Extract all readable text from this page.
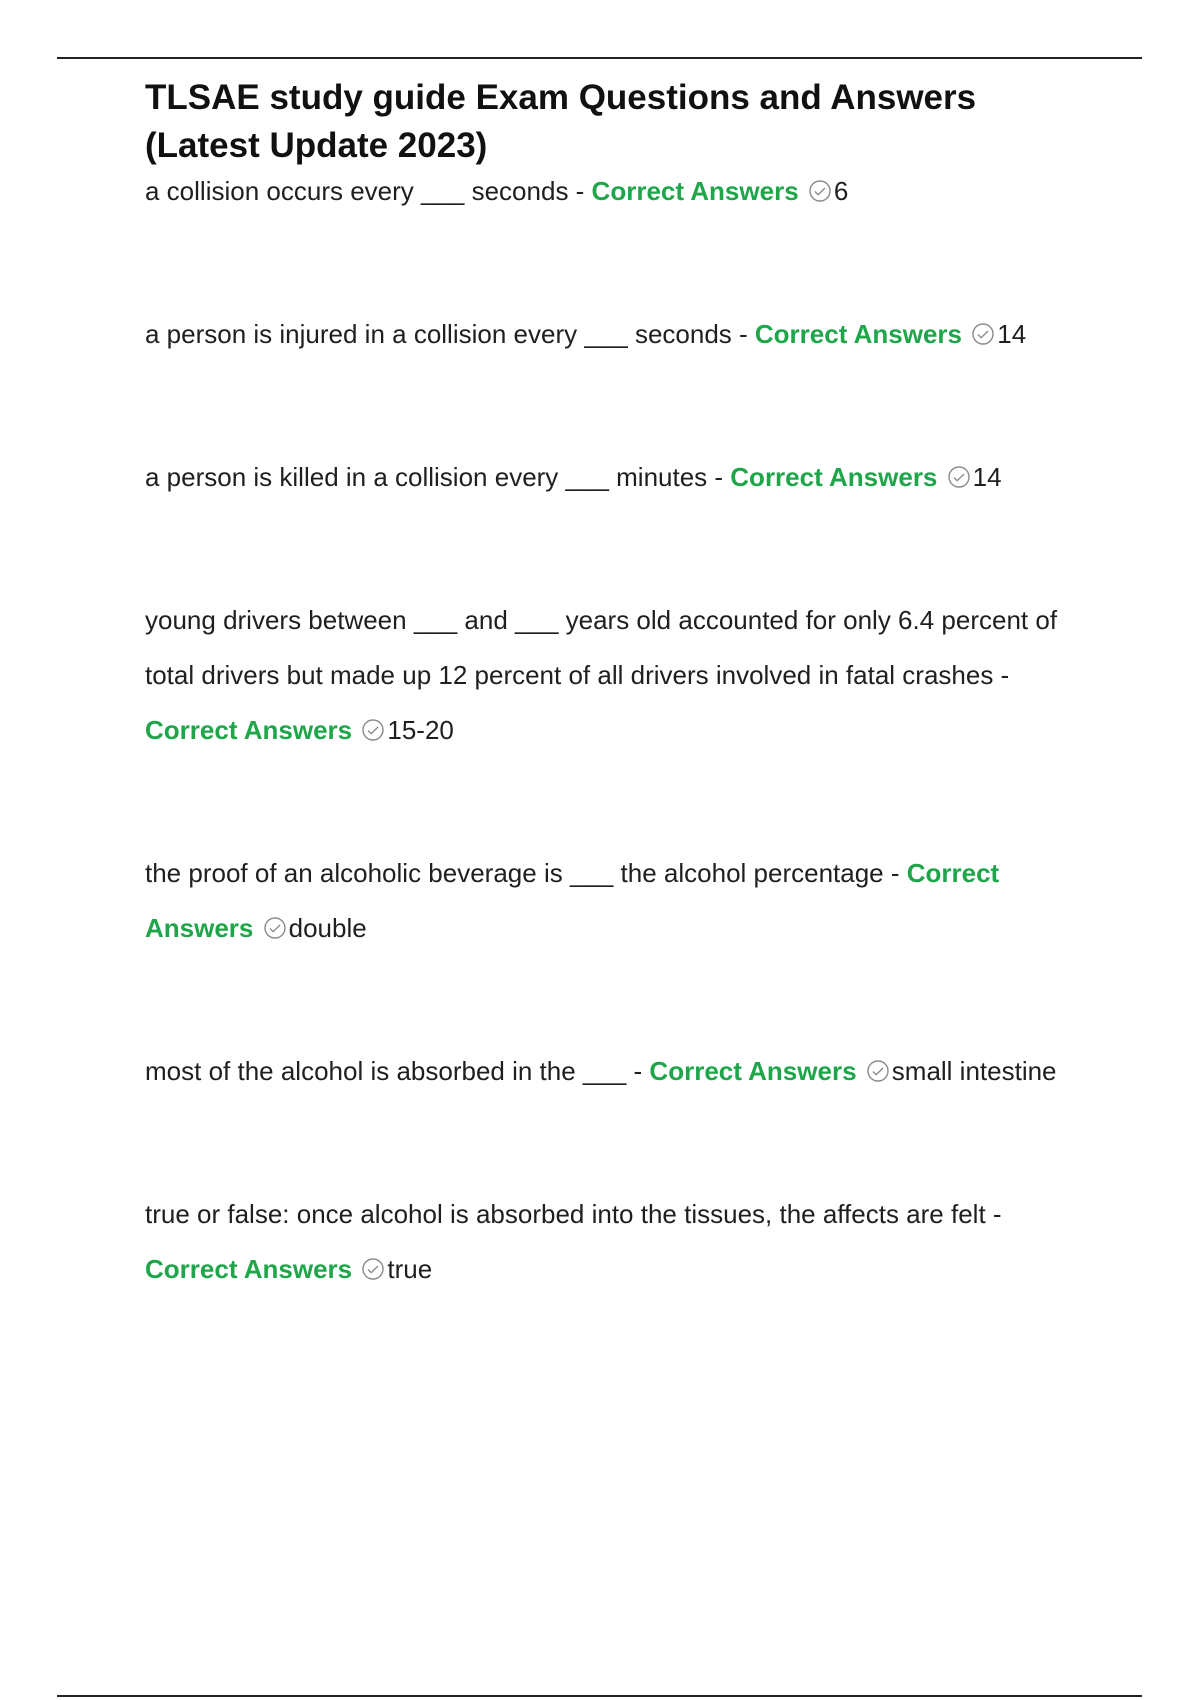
TLSAE study guide Exam Questions and Answers (Latest Update 2023)

a collision occurs every ___ seconds - Correct Answers 6

a person is injured in a collision every ___ seconds - Correct Answers 14

a person is killed in a collision every ___ minutes - Correct Answers 14

young drivers between ___ and ___ years old accounted for only 6.4 percent of total drivers but made up 12 percent of all drivers involved in fatal crashes - Correct Answers 15-20

the proof of an alcoholic beverage is ___ the alcohol percentage - Correct Answers double

most of the alcohol is absorbed in the ___ - Correct Answers small intestine

true or false: once alcohol is absorbed into the tissues, the affects are felt - Correct Answers true
